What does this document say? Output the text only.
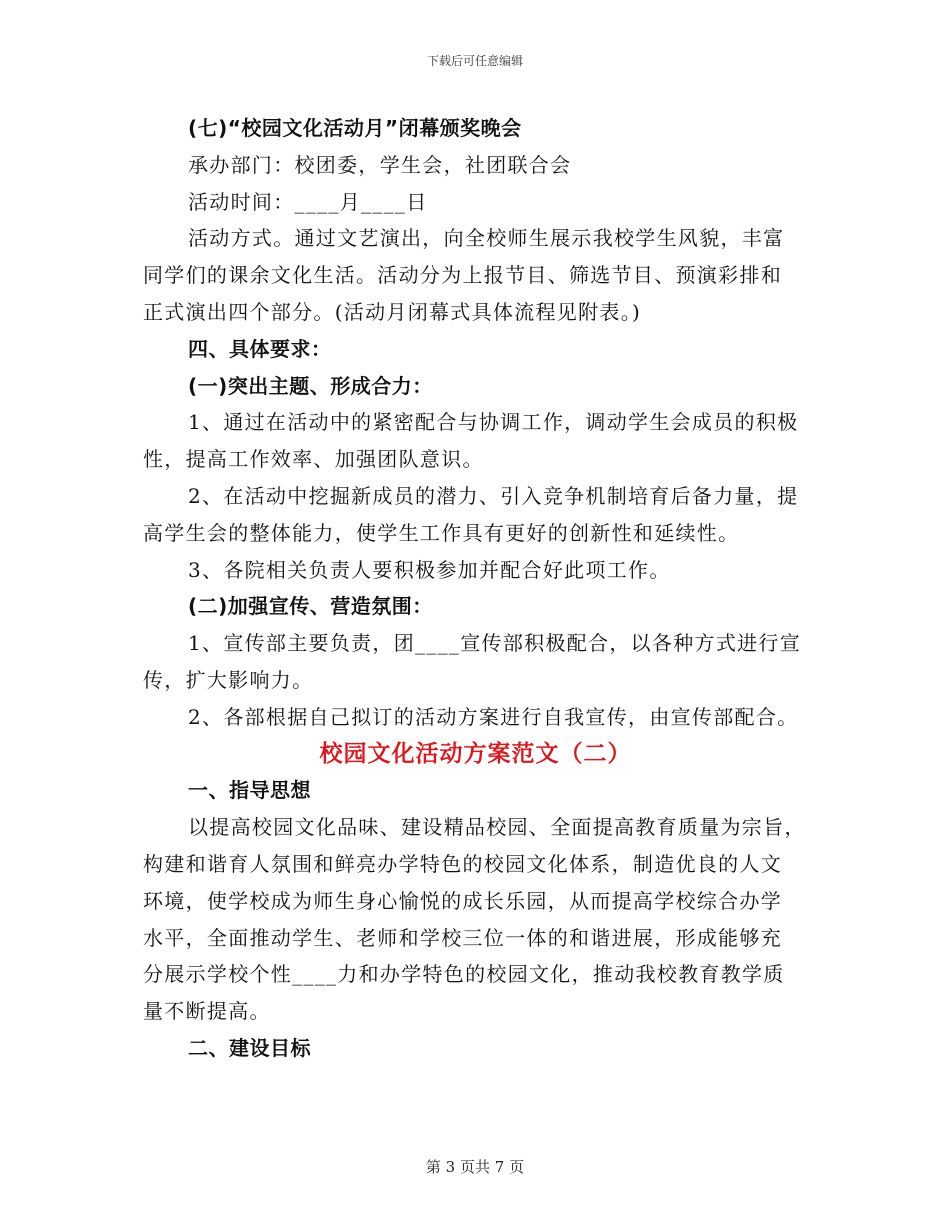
下载后可任意编辑
(七)“校园文化活动月”闭幕颁奖晚会
承办部门：校团委，学生会，社团联合会
活动时间：____月____日
活动方式。通过文艺演出，向全校师生展示我校学生风貌，丰富
同学们的课余文化生活。活动分为上报节目、筛选节目、预演彩排和
正式演出四个部分。(活动月闭幕式具体流程见附表。)
四、具体要求：
(一)突出主题、形成合力：
1、通过在活动中的紧密配合与协调工作，调动学生会成员的积极
性，提高工作效率、加强团队意识。
2、在活动中挖掘新成员的潜力、引入竞争机制培育后备力量，提
高学生会的整体能力，使学生工作具有更好的创新性和延续性。
3、各院相关负责人要积极参加并配合好此项工作。
(二)加强宣传、营造氛围：
1、宣传部主要负责，团____宣传部积极配合，以各种方式进行宣
传，扩大影响力。
2、各部根据自己拟订的活动方案进行自我宣传，由宣传部配合。
校园文化活动方案范文（二）
一、指导思想
以提高校园文化品味、建设精品校园、全面提高教育质量为宗旨，
构建和谐育人氛围和鲜亮办学特色的校园文化体系，制造优良的人文
环境，使学校成为师生身心愉悦的成长乐园，从而提高学校综合办学
水平，全面推动学生、老师和学校三位一体的和谐进展，形成能够充
分展示学校个性____力和办学特色的校园文化，推动我校教育教学质
量不断提高。
二、建设目标
第 3 页共 7 页
